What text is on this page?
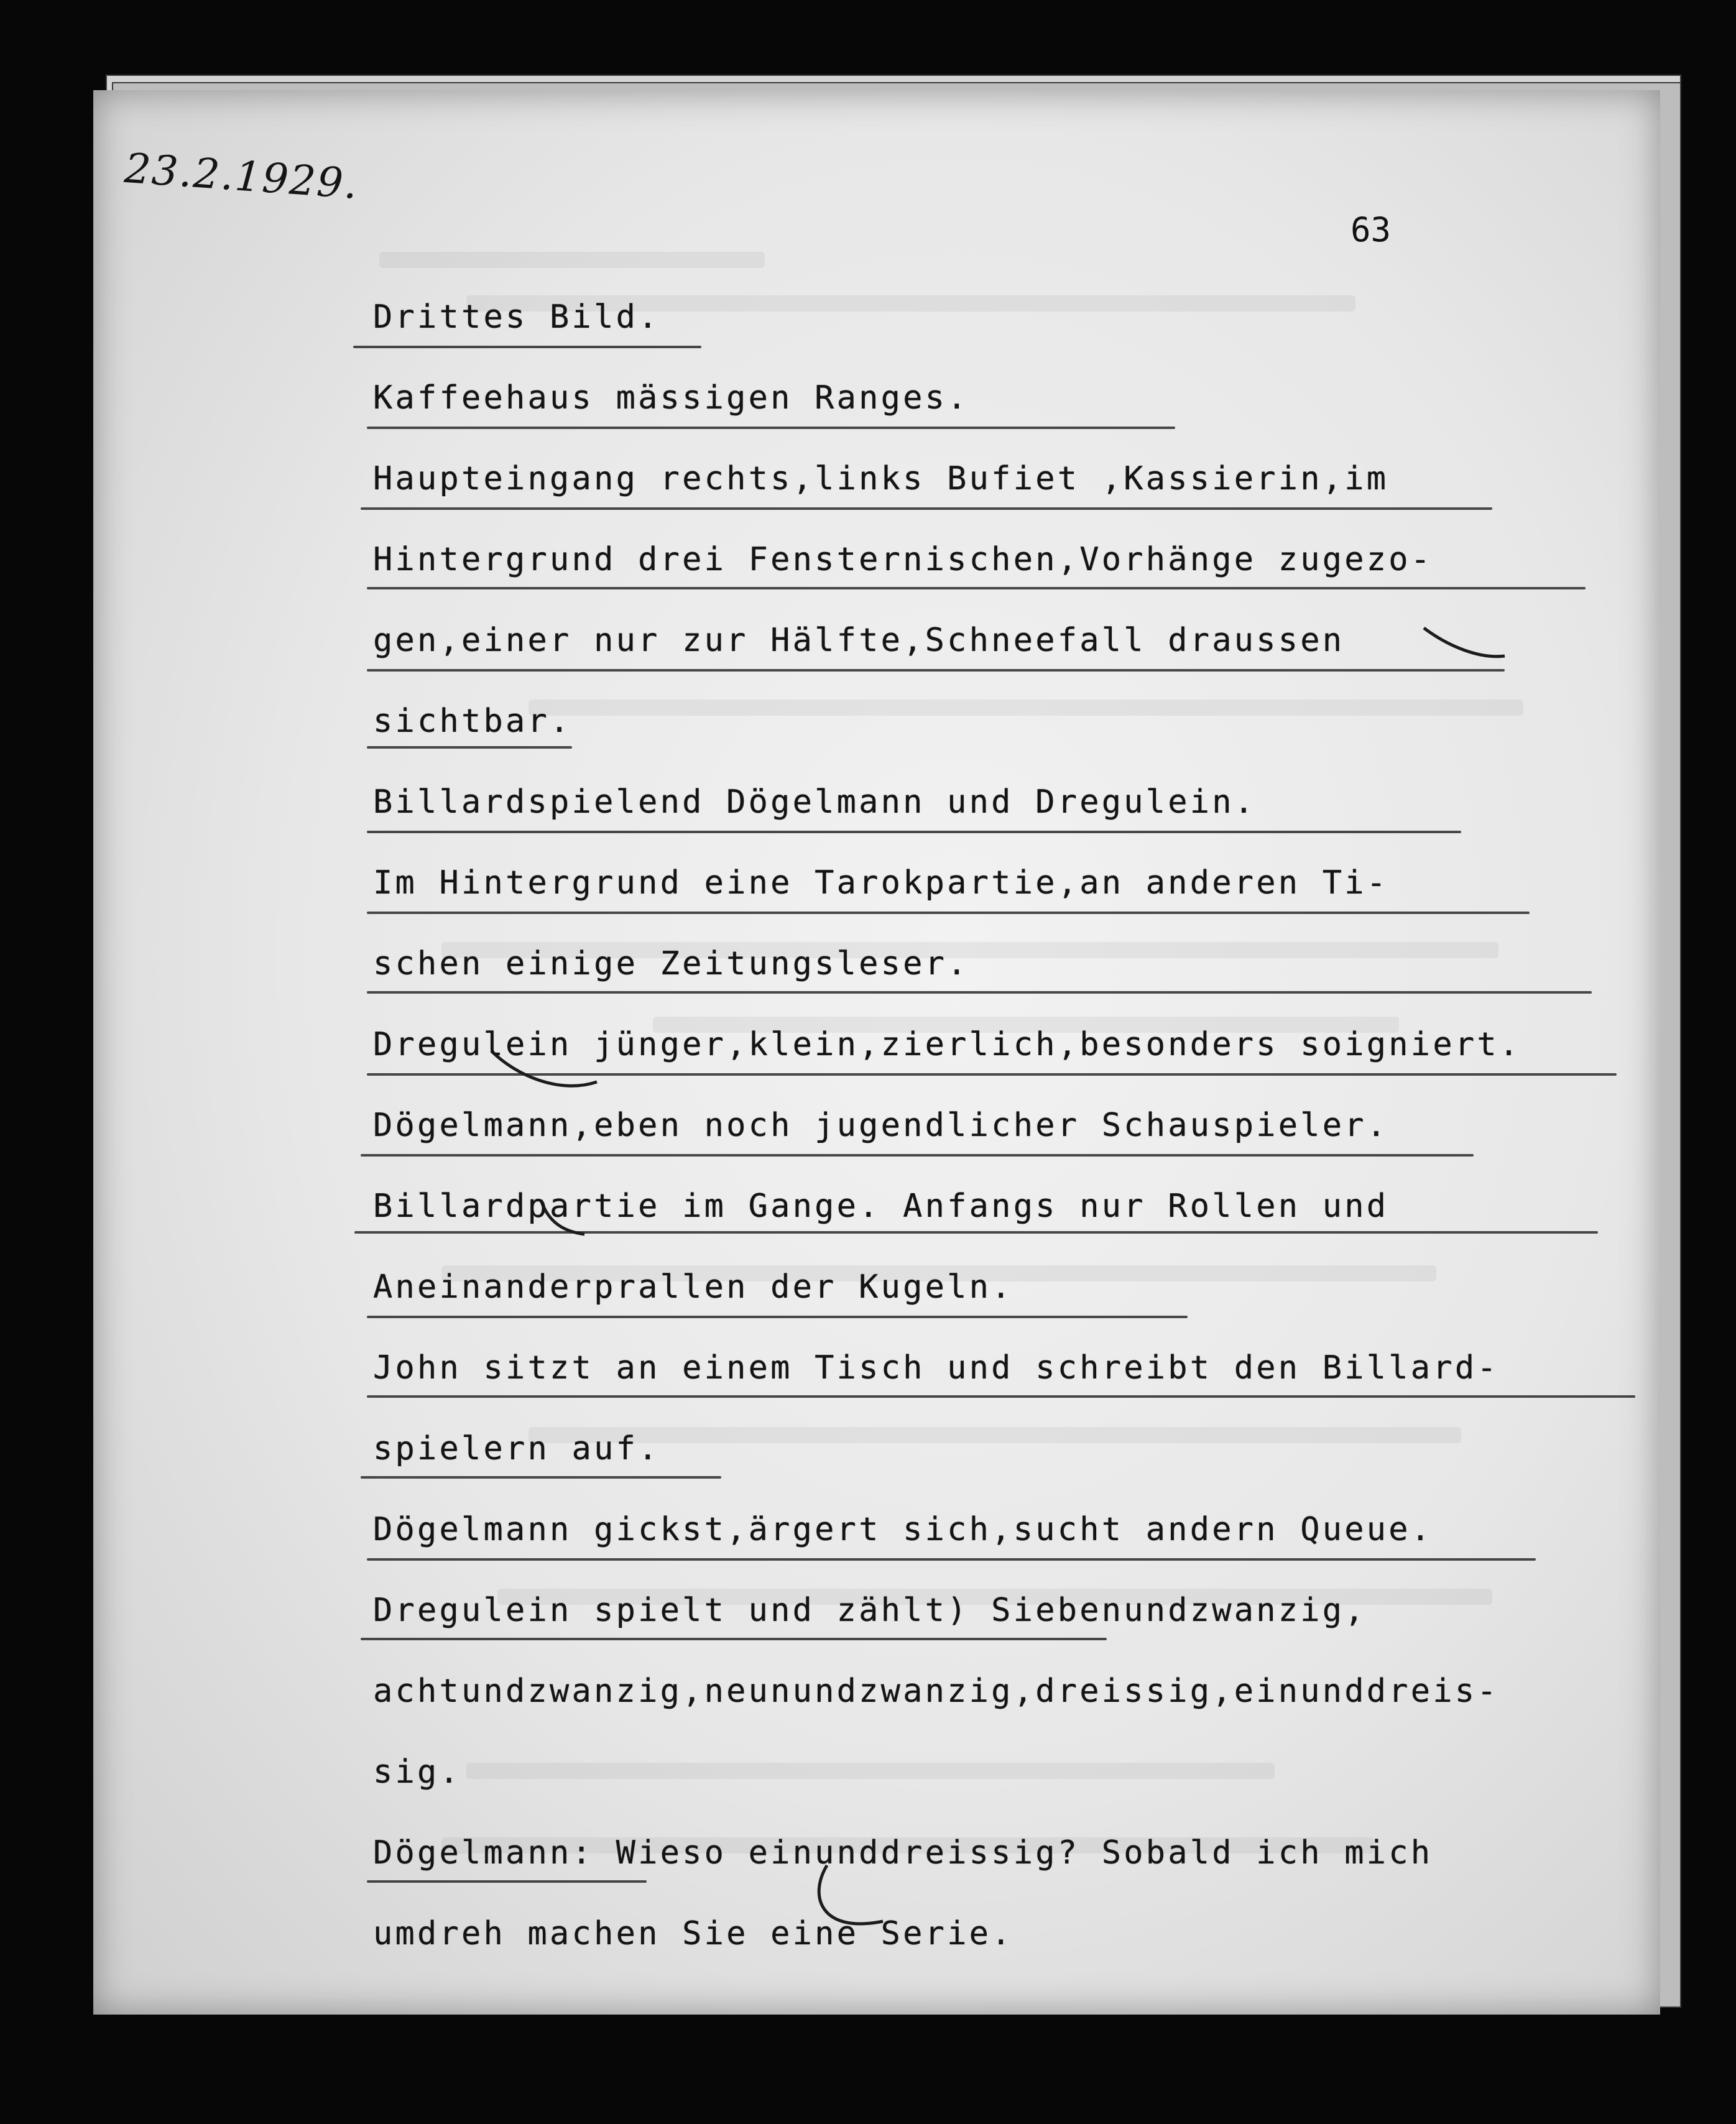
23.2.1929.
63
Drittes Bild.
Kaffeehaus mässigen Ranges.
Haupteingang rechts,links Bufiet ,Kassierin,im
Hintergrund drei Fensternischen,Vorhänge zugezo-
gen,einer nur zur Hälfte,Schneefall draussen
sichtbar.
Billardspielend Dögelmann und Dregulein.
Im Hintergrund eine Tarokpartie,an anderen Ti-
schen einige Zeitungsleser.
Dregulein jünger,klein,zierlich,besonders soigniert.
Dögelmann,eben noch jugendlicher Schauspieler.
Billardpartie im Gange. Anfangs nur Rollen und
Aneinanderprallen der Kugeln.
John sitzt an einem Tisch und schreibt den Billard-
spielern auf.
Dögelmann gickst,ärgert sich,sucht andern Queue.
Dregulein spielt und zählt) Siebenundzwanzig,
achtundzwanzig,neunundzwanzig,dreissig,einunddreis-
sig.
Dögelmann: Wieso einunddreissig? Sobald ich mich
umdreh machen Sie eine Serie.
